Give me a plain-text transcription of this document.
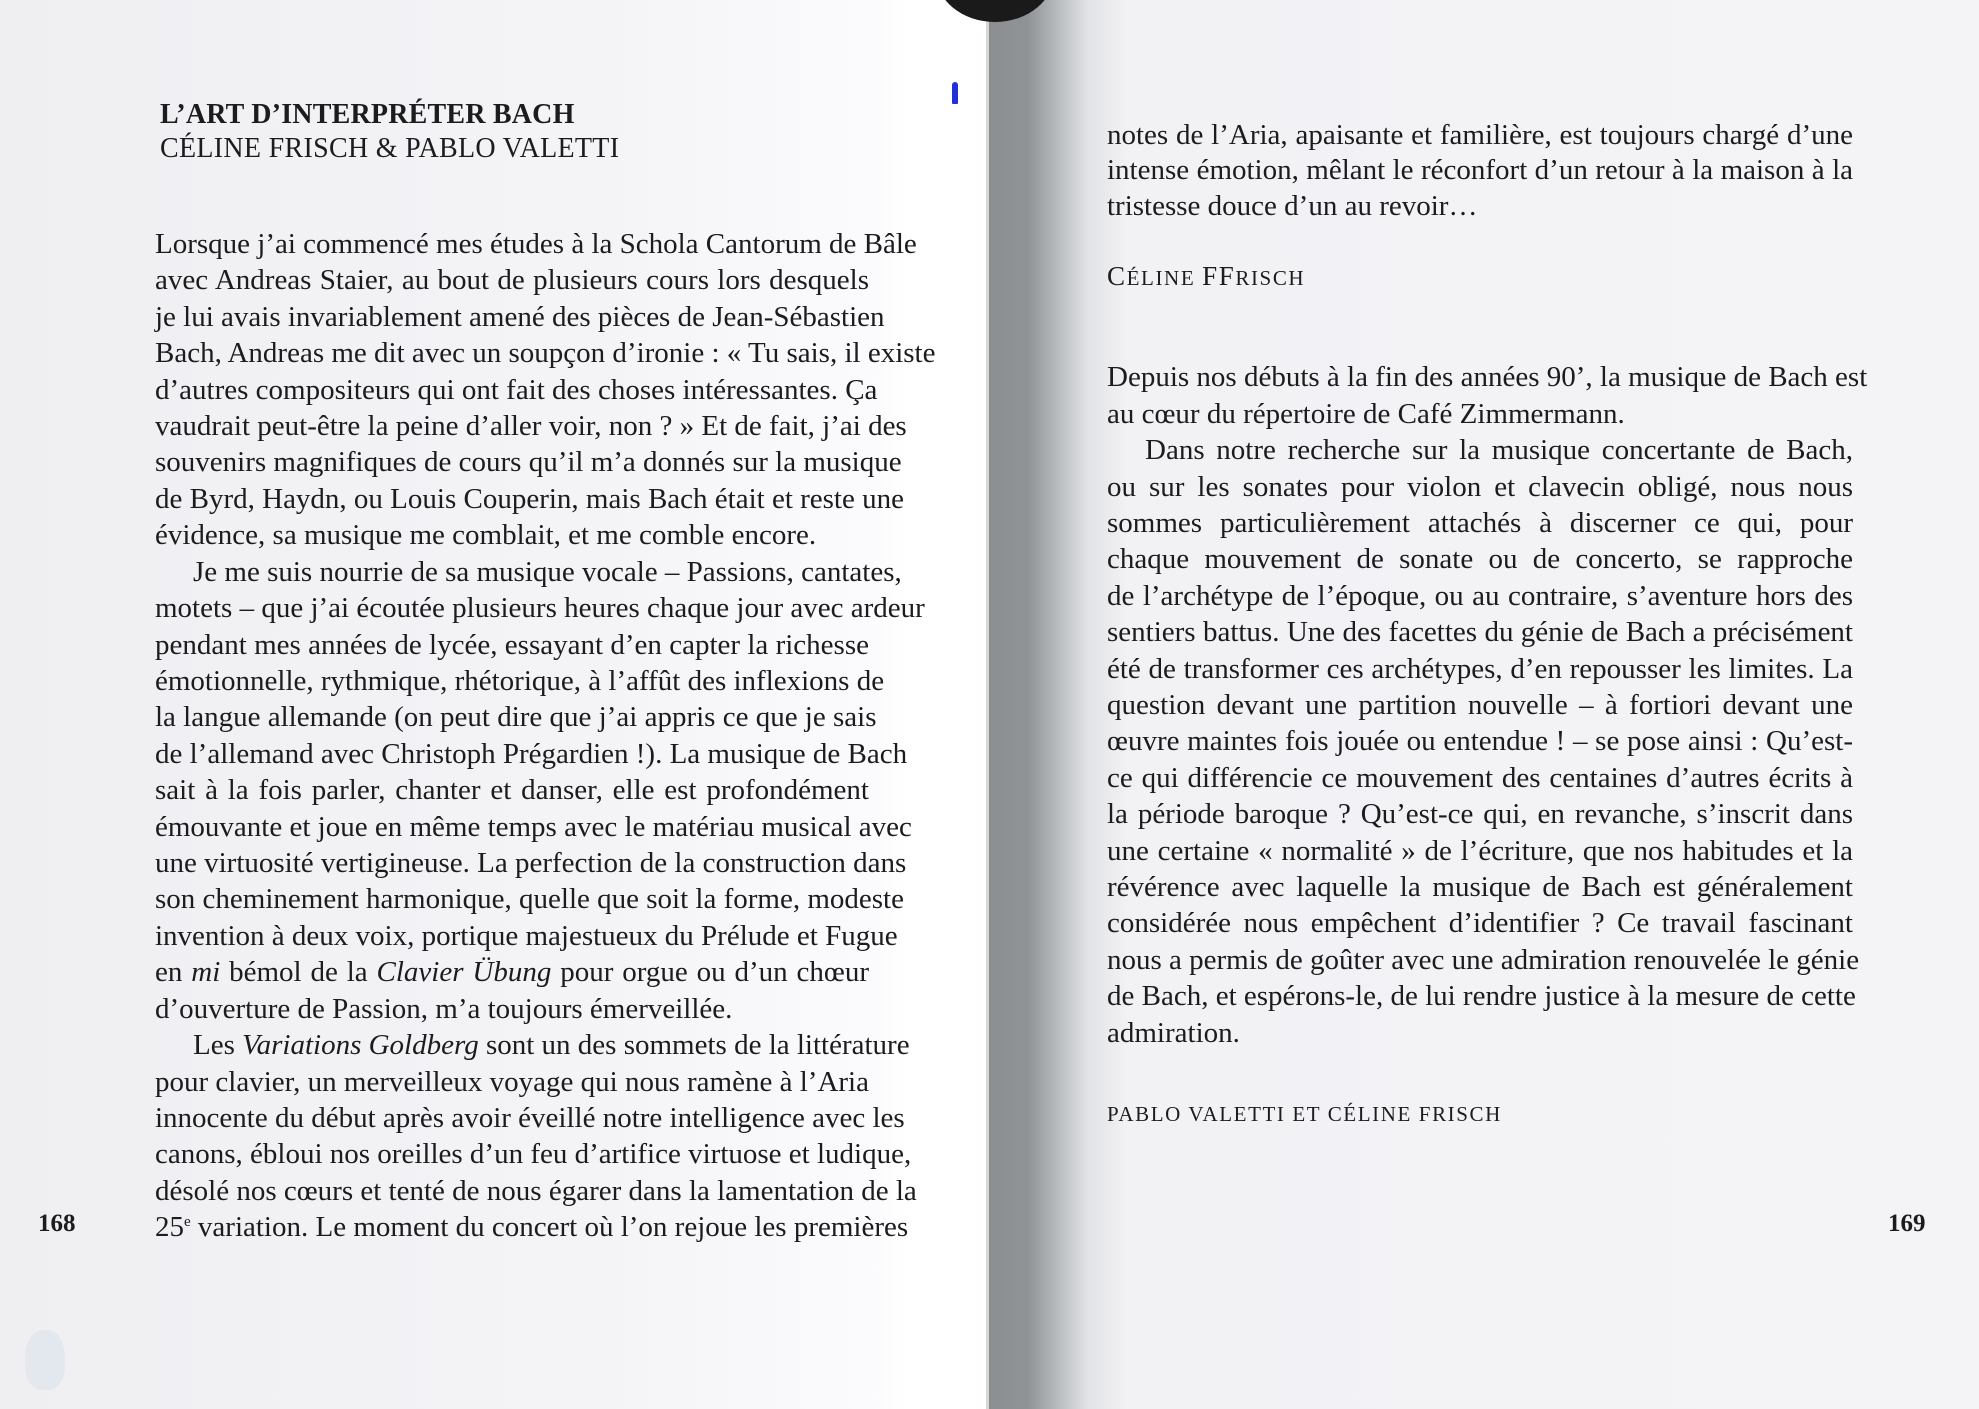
L’ART D’INTERPRÉTER BACH
CÉLINE FRISCH & PABLO VALETTI
Lorsque j’ai commencé mes études à la Schola Cantorum de Bâle
avec Andreas Staier, au bout de plusieurs cours lors desquels
je lui avais invariablement amené des pièces de Jean-Sébastien
Bach, Andreas me dit avec un soupçon d’ironie : « Tu sais, il existe
d’autres compositeurs qui ont fait des choses intéressantes. Ça
vaudrait peut-être la peine d’aller voir, non ? » Et de fait, j’ai des
souvenirs magnifiques de cours qu’il m’a donnés sur la musique
de Byrd, Haydn, ou Louis Couperin, mais Bach était et reste une
évidence, sa musique me comblait, et me comble encore.
Je me suis nourrie de sa musique vocale – Passions, cantates,
motets – que j’ai écoutée plusieurs heures chaque jour avec ardeur
pendant mes années de lycée, essayant d’en capter la richesse
émotionnelle, rythmique, rhétorique, à l’affût des inflexions de
la langue allemande (on peut dire que j’ai appris ce que je sais
de l’allemand avec Christoph Prégardien !). La musique de Bach
sait à la fois parler, chanter et danser, elle est profondément
émouvante et joue en même temps avec le matériau musical avec
une virtuosité vertigineuse. La perfection de la construction dans
son cheminement harmonique, quelle que soit la forme, modeste
invention à deux voix, portique majestueux du Prélude et Fugue
en mi bémol de la Clavier Übung pour orgue ou d’un chœur
d’ouverture de Passion, m’a toujours émerveillée.
Les Variations Goldberg sont un des sommets de la littérature
pour clavier, un merveilleux voyage qui nous ramène à l’Aria
innocente du début après avoir éveillé notre intelligence avec les
canons, ébloui nos oreilles d’un feu d’artifice virtuose et ludique,
désolé nos cœurs et tenté de nous égarer dans la lamentation de la
25e variation. Le moment du concert où l’on rejoue les premières
168
notes de l’Aria, apaisante et familière, est toujours chargé d’une
intense émotion, mêlant le réconfort d’un retour à la maison à la
tristesse douce d’un au revoir…
CÉLINE FFRISCH
Depuis nos débuts à la fin des années 90’, la musique de Bach est
au cœur du répertoire de Café Zimmermann.
Dans notre recherche sur la musique concertante de Bach,
ou sur les sonates pour violon et clavecin obligé, nous nous
sommes particulièrement attachés à discerner ce qui, pour
chaque mouvement de sonate ou de concerto, se rapproche
de l’archétype de l’époque, ou au contraire, s’aventure hors des
sentiers battus. Une des facettes du génie de Bach a précisément
été de transformer ces archétypes, d’en repousser les limites. La
question devant une partition nouvelle – à fortiori devant une
œuvre maintes fois jouée ou entendue ! – se pose ainsi : Qu’est-
ce qui différencie ce mouvement des centaines d’autres écrits à
la période baroque ? Qu’est-ce qui, en revanche, s’inscrit dans
une certaine « normalité » de l’écriture, que nos habitudes et la
révérence avec laquelle la musique de Bach est généralement
considérée nous empêchent d’identifier ? Ce travail fascinant
nous a permis de goûter avec une admiration renouvelée le génie
de Bach, et espérons-le, de lui rendre justice à la mesure de cette
admiration.
PABLO VALETTI ET CÉLINE FRISCH
169
